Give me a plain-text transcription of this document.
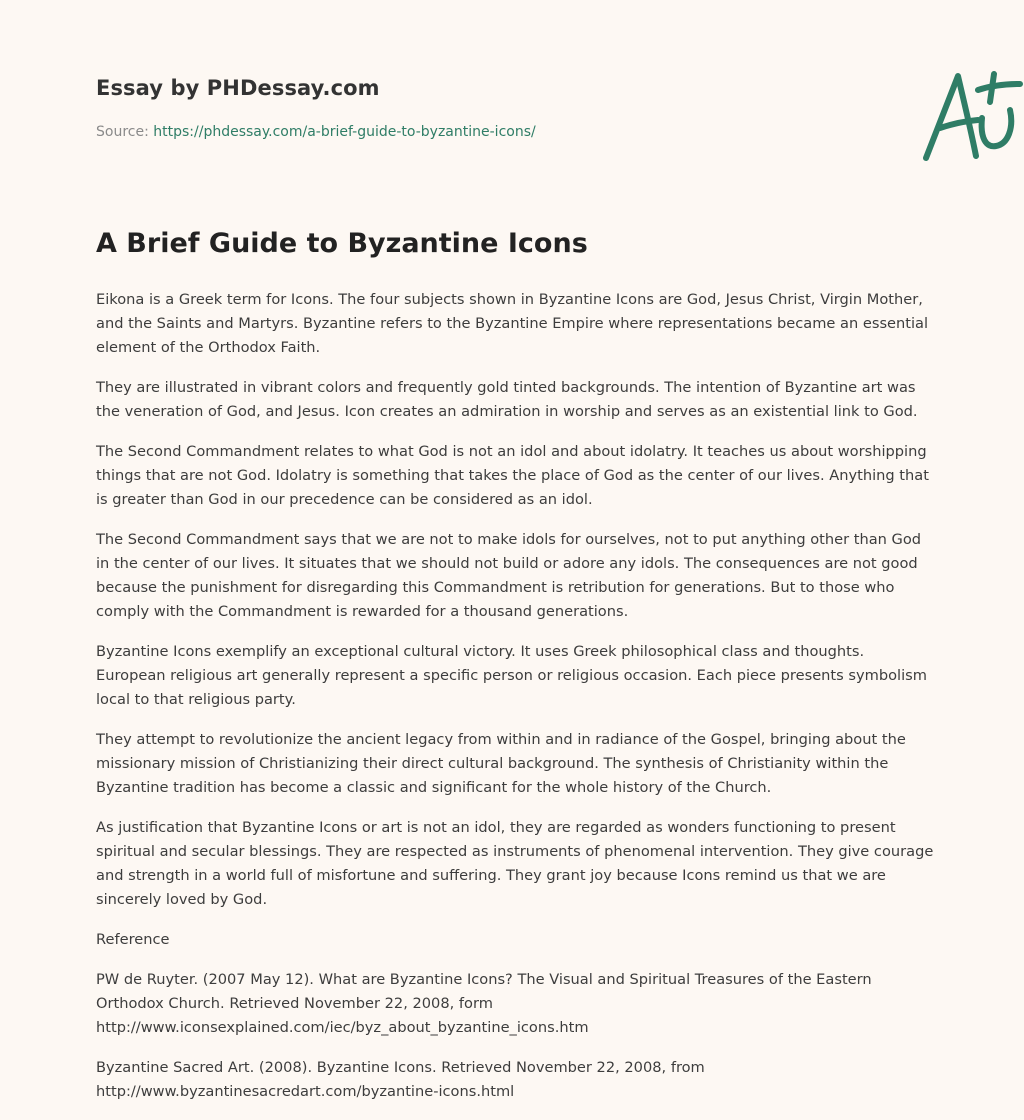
Essay by PHDessay.com

Source: https://phdessay.com/a-brief-guide-to-byzantine-icons/

A Brief Guide to Byzantine Icons

Eikona is a Greek term for Icons. The four subjects shown in Byzantine Icons are God, Jesus Christ, Virgin Mother, and the Saints and Martyrs. Byzantine refers to the Byzantine Empire where representations became an essential element of the Orthodox Faith.

They are illustrated in vibrant colors and frequently gold tinted backgrounds. The intention of Byzantine art was the veneration of God, and Jesus. Icon creates an admiration in worship and serves as an existential link to God.

The Second Commandment relates to what God is not an idol and about idolatry. It teaches us about worshipping things that are not God. Idolatry is something that takes the place of God as the center of our lives. Anything that is greater than God in our precedence can be considered as an idol.

The Second Commandment says that we are not to make idols for ourselves, not to put anything other than God in the center of our lives. It situates that we should not build or adore any idols. The consequences are not good because the punishment for disregarding this Commandment is retribution for generations. But to those who comply with the Commandment is rewarded for a thousand generations.

Byzantine Icons exemplify an exceptional cultural victory. It uses Greek philosophical class and thoughts. European religious art generally represent a specific person or religious occasion. Each piece presents symbolism local to that religious party.

They attempt to revolutionize the ancient legacy from within and in radiance of the Gospel, bringing about the missionary mission of Christianizing their direct cultural background. The synthesis of Christianity within the Byzantine tradition has become a classic and significant for the whole history of the Church.

As justification that Byzantine Icons or art is not an idol, they are regarded as wonders functioning to present spiritual and secular blessings. They are respected as instruments of phenomenal intervention. They give courage and strength in a world full of misfortune and suffering. They grant joy because Icons remind us that we are sincerely loved by God.

Reference

PW de Ruyter. (2007 May 12). What are Byzantine Icons? The Visual and Spiritual Treasures of the Eastern Orthodox Church. Retrieved November 22, 2008, form http://www.iconsexplained.com/iec/byz_about_byzantine_icons.htm

Byzantine Sacred Art. (2008). Byzantine Icons. Retrieved November 22, 2008, from http://www.byzantinesacredart.com/byzantine-icons.html
